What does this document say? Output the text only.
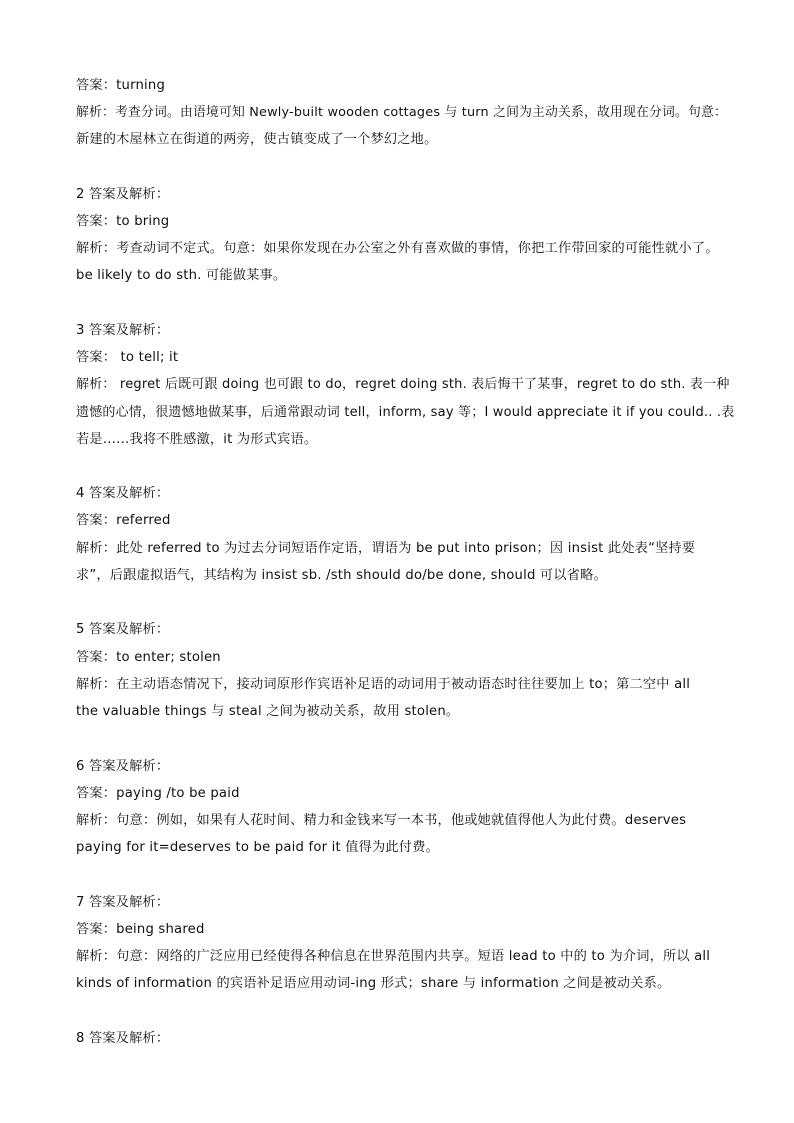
答案：turning
解析：考查分词。由语境可知 Newly-built wooden cottages 与 turn 之间为主动关系，故用现在分词。句意：
新建的木屋林立在街道的两旁，使古镇变成了一个梦幻之地。
2 答案及解析：
答案：to bring
解析：考查动词不定式。句意：如果你发现在办公室之外有喜欢做的事情，你把工作带回家的可能性就小了。
be likely to do sth. 可能做某事。
3 答案及解析：
答案： to tell; it
解析： regret 后既可跟 doing 也可跟 to do，regret doing sth. 表后悔干了某事，regret to do sth. 表一种
遗憾的心情，很遗憾地做某事，后通常跟动词 tell，inform, say 等；I would appreciate it if you could.. .表
若是……我将不胜感激，it 为形式宾语。
4 答案及解析：
答案：referred
解析：此处 referred to 为过去分词短语作定语，谓语为 be put into prison；因 insist 此处表“坚持要
求”，后跟虚拟语气，其结构为 insist sb. /sth should do/be done, should 可以省略。
5 答案及解析：
答案：to enter; stolen
解析：在主动语态情况下，接动词原形作宾语补足语的动词用于被动语态时往往要加上 to；第二空中 all
the valuable things 与 steal 之间为被动关系，故用 stolen。
6 答案及解析：
答案：paying /to be paid
解析：句意：例如，如果有人花时间、精力和金钱来写一本书，他或她就值得他人为此付费。deserves
paying for it=deserves to be paid for it 值得为此付费。
7 答案及解析：
答案：being shared
解析：句意：网络的广泛应用已经使得各种信息在世界范围内共享。短语 lead to 中的 to 为介词，所以 all
kinds of information 的宾语补足语应用动词-ing 形式；share 与 information 之间是被动关系。
8 答案及解析：
